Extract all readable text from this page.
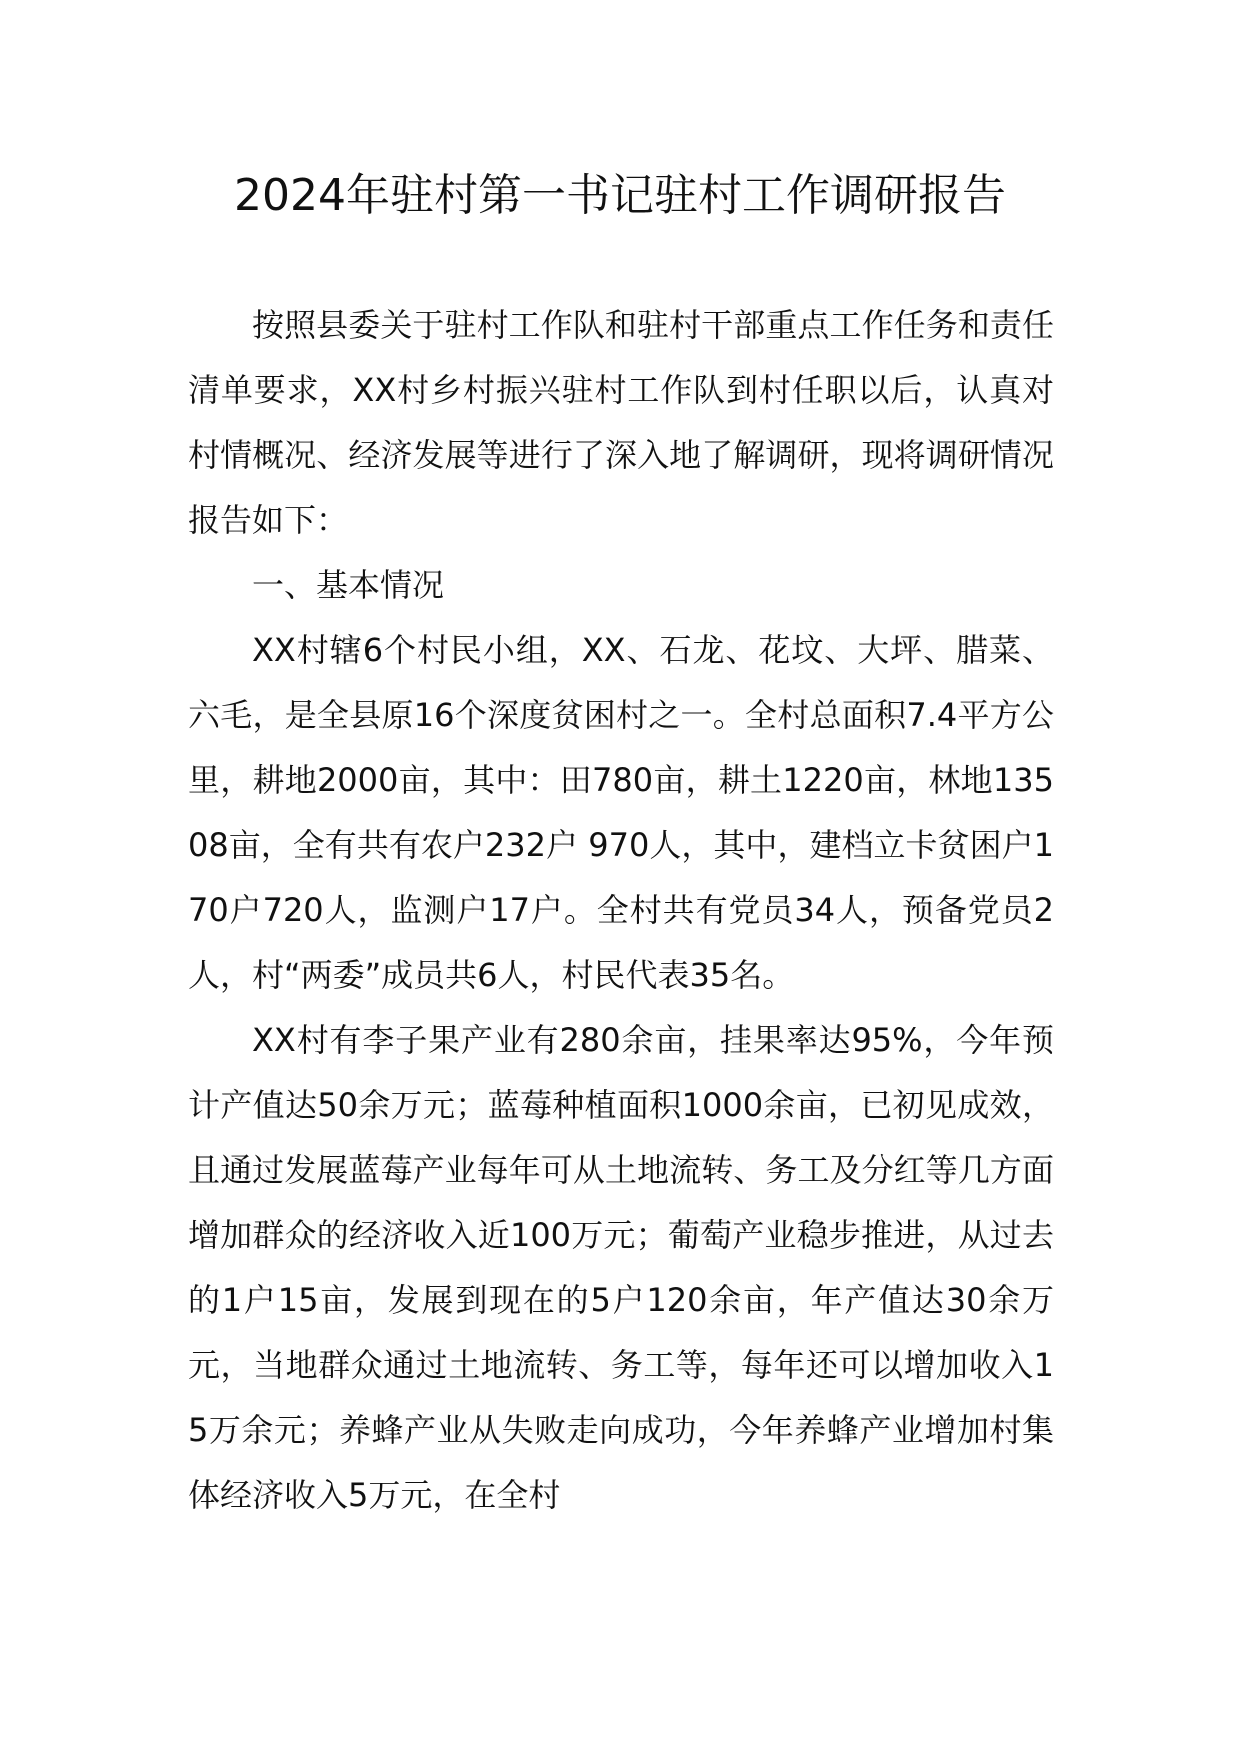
2024年驻村第一书记驻村工作调研报告

按照县委关于驻村工作队和驻村干部重点工作任务和责任清单要求，XX村乡村振兴驻村工作队到村任职以后，认真对村情概况、经济发展等进行了深入地了解调研，现将调研情况报告如下：

一、基本情况

XX村辖6个村民小组，XX、石龙、花坟、大坪、腊菜、六毛，是全县原16个深度贫困村之一。全村总面积7.4平方公里，耕地2000亩，其中：田780亩，耕土1220亩，林地13508亩，全有共有农户232户 970人，其中，建档立卡贫困户170户720人，监测户17户。全村共有党员34人，预备党员2人，村“两委”成员共6人，村民代表35名。

XX村有李子果产业有280余亩，挂果率达95%，今年预计产值达50余万元；蓝莓种植面积1000余亩，已初见成效，且通过发展蓝莓产业每年可从土地流转、务工及分红等几方面增加群众的经济收入近100万元；葡萄产业稳步推进，从过去的1户15亩，发展到现在的5户120余亩，年产值达30余万元，当地群众通过土地流转、务工等，每年还可以增加收入15万余元；养蜂产业从失败走向成功，今年养蜂产业增加村集体经济收入5万元，在全村
